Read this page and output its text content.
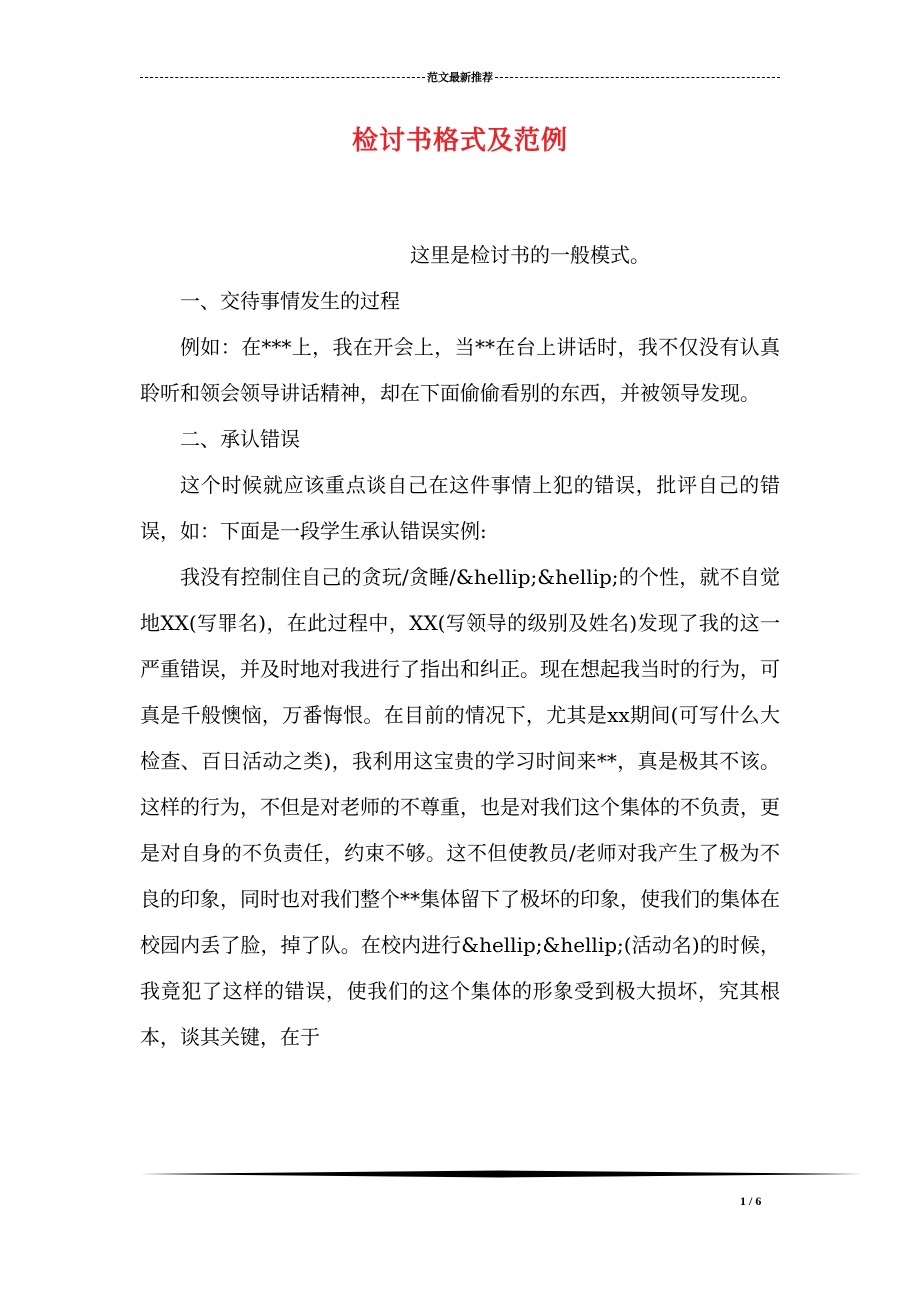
范文最新推荐
检讨书格式及范例

这里是检讨书的一般模式。

一、交待事情发生的过程

例如：在***上，我在开会上，当**在台上讲话时，我不仅没有认真聆听和领会领导讲话精神，却在下面偷偷看别的东西，并被领导发现。

二、承认错误

这个时候就应该重点谈自己在这件事情上犯的错误，批评自己的错误，如：下面是一段学生承认错误实例:

我没有控制住自己的贪玩/贪睡/&hellip;&hellip;的个性，就不自觉地XX(写罪名)，在此过程中，XX(写领导的级别及姓名)发现了我的这一严重错误，并及时地对我进行了指出和纠正。现在想起我当时的行为，可真是千般懊恼，万番悔恨。在目前的情况下，尤其是xx期间(可写什么大检查、百日活动之类)，我利用这宝贵的学习时间来**，真是极其不该。这样的行为，不但是对老师的不尊重，也是对我们这个集体的不负责，更是对自身的不负责任，约束不够。这不但使教员/老师对我产生了极为不良的印象，同时也对我们整个**集体留下了极坏的印象，使我们的集体在校园内丢了脸，掉了队。在校内进行&hellip;&hellip;(活动名)的时候，我竟犯了这样的错误，使我们的这个集体的形象受到极大损坏，究其根本，谈其关键，在于

1 / 6
